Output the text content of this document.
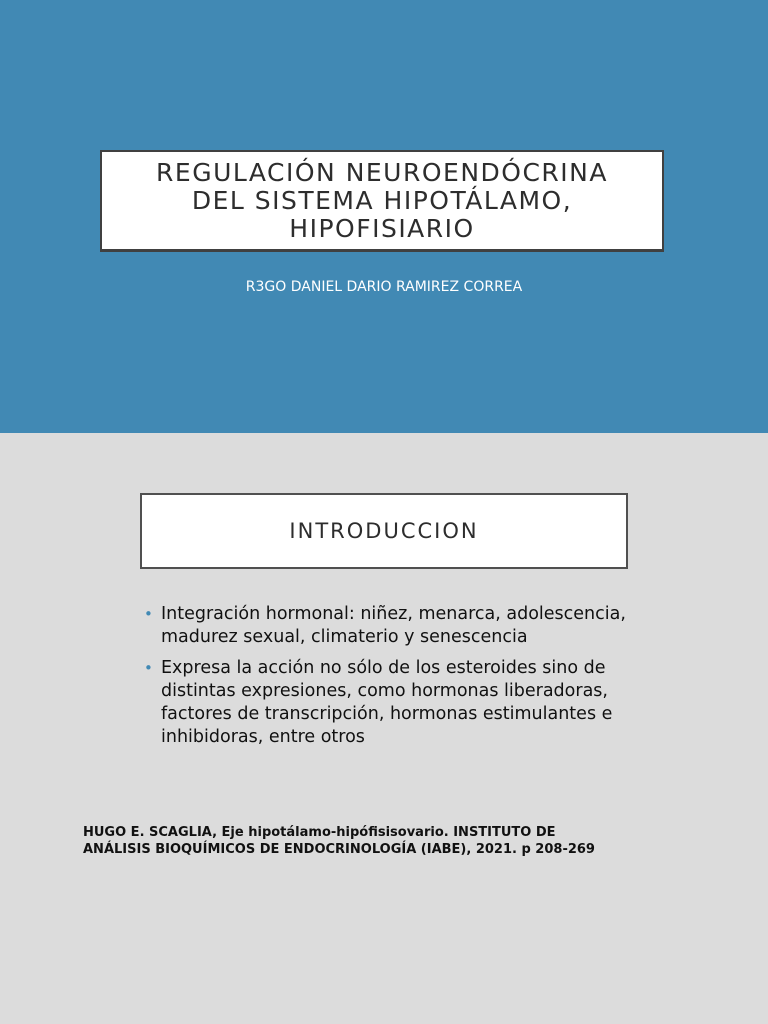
REGULACIÓN NEUROENDÓCRINA
DEL SISTEMA HIPOTÁLAMO,
HIPOFISIARIO

R3GO DANIEL DARIO RAMIREZ CORREA

INTRODUCCION

• Integración hormonal: niñez, menarca, adolescencia, madurez sexual, climaterio y senescencia
• Expresa la acción no sólo de los esteroides sino de distintas expresiones, como hormonas liberadoras, factores de transcripción, hormonas estimulantes e inhibidoras, entre otros
HUGO E. SCAGLIA, Eje hipotálamo-hipófisisovario. INSTITUTO DE ANÁLISIS BIOQUÍMICOS DE ENDOCRINOLOGÍA (IABE), 2021. p 208-269
